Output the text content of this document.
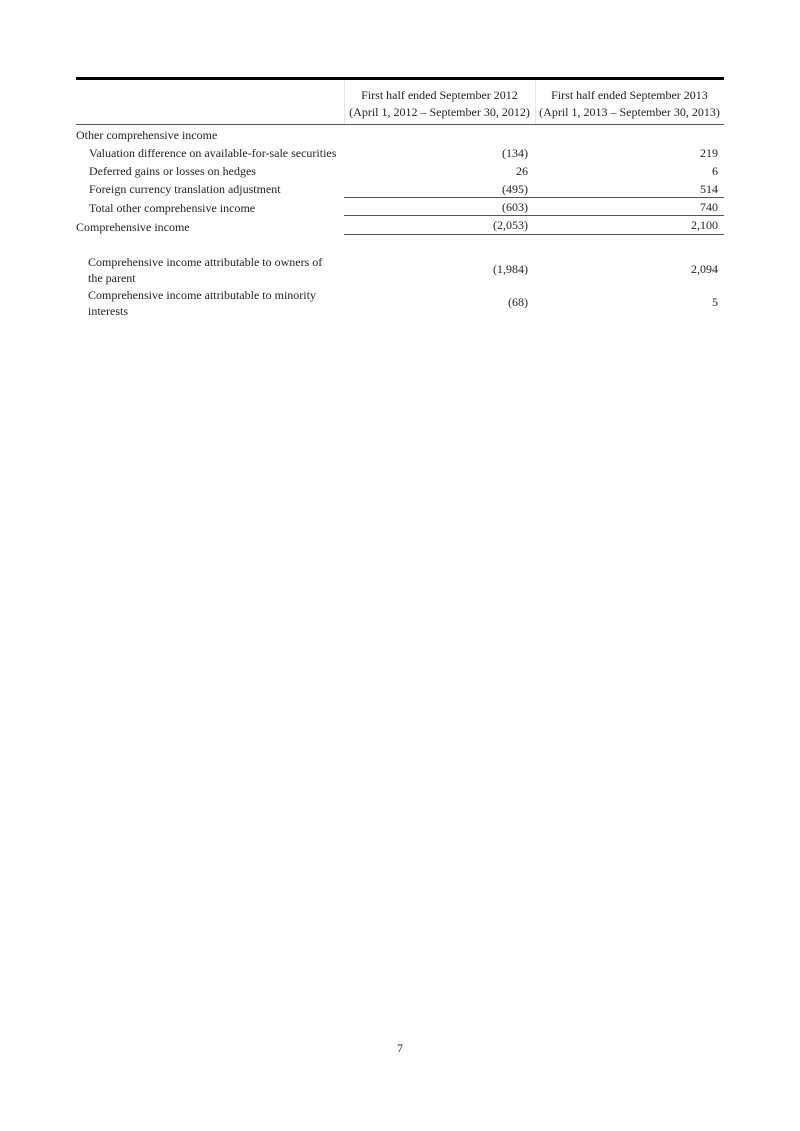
First half ended September 2012
(April 1, 2012 – September 30, 2012)
First half ended September 2013
(April 1, 2013 – September 30, 2013)
Other comprehensive income
Valuation difference on available-for-sale securities	(134)	219
Deferred gains or losses on hedges	26	6
Foreign currency translation adjustment	(495)	514
Total other comprehensive income	(603)	740
Comprehensive income	(2,053)	2,100
Comprehensive income attributable to owners of
the parent
(1,984)	2,094
Comprehensive income attributable to minority
interests
(68)	5
7
